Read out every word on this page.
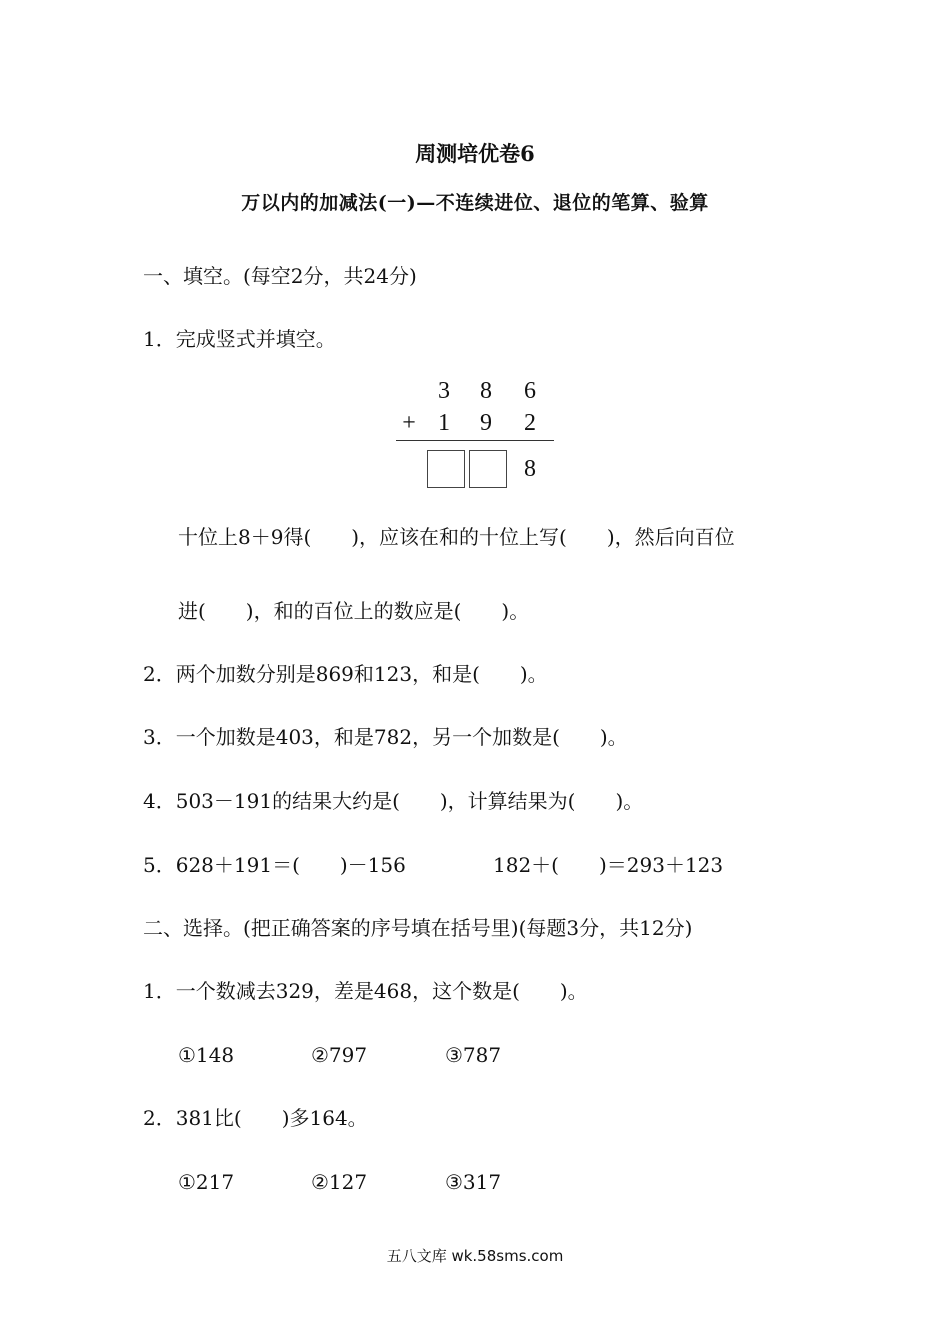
周测培优卷6
万以内的加减法(一)—不连续进位、退位的笔算、验算
一、填空。(每空2分，共24分)
1．完成竖式并填空。
3 8 6
+ 1 9 2
8
十位上8＋9得(　　)，应该在和的十位上写(　　)，然后向百位
进(　　)，和的百位上的数应是(　　)。
2．两个加数分别是869和123，和是(　　)。
3．一个加数是403，和是782，另一个加数是(　　)。
4．503－191的结果大约是(　　)，计算结果为(　　)。
5．628＋191＝(　　)－156	182＋(　　)＝293＋123
二、选择。(把正确答案的序号填在括号里)(每题3分，共12分)
1．一个数减去329，差是468，这个数是(　　)。
①148	②797	③787
2．381比(　　)多164。
①217	②127	③317
五八文库 wk.58sms.com
